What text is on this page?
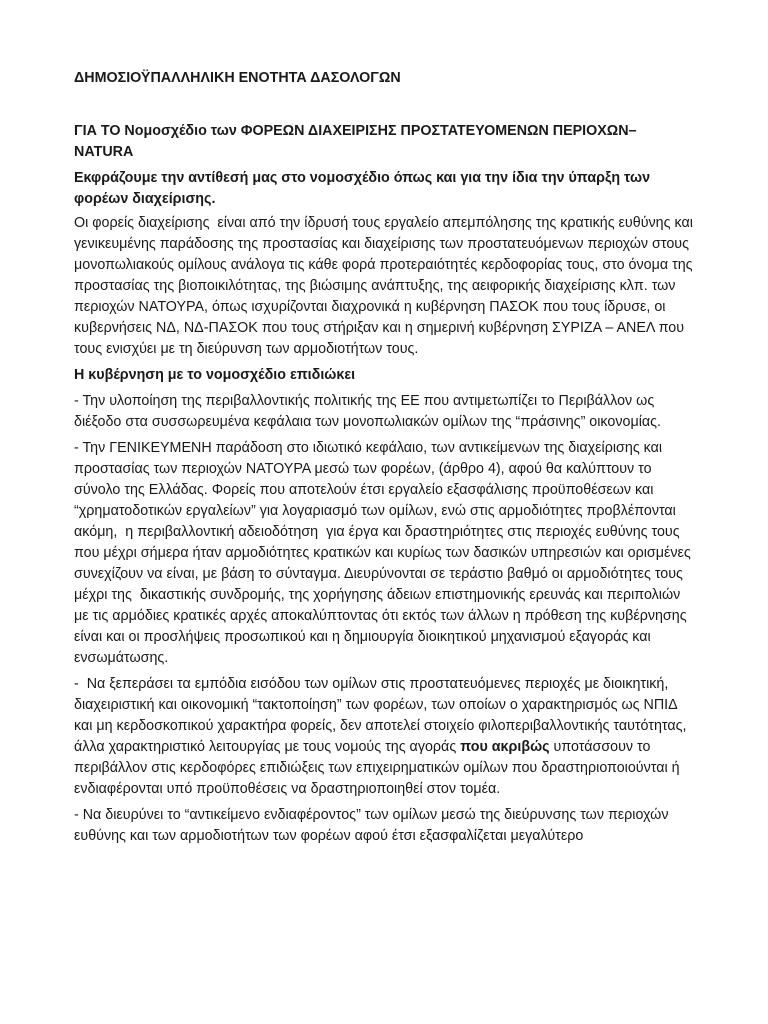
ΔΗΜΟΣΙΟΫΠΑΛΛΗΛΙΚΗ ΕΝΟΤΗΤΑ ΔΑΣΟΛΟΓΩΝ

ΓΙΑ ΤΟ Νομοσχέδιο των ΦΟΡΕΩΝ ΔΙΑΧΕΙΡΙΣΗΣ ΠΡΟΣΤΑΤΕΥΟΜΕΝΩΝ ΠΕΡΙΟΧΩΝ– NATURA

Εκφράζουμε την αντίθεσή μας στο νομοσχέδιο όπως και για την ίδια την ύπαρξη των φορέων διαχείρισης.

Οι φορείς διαχείρισης  είναι από την ίδρυσή τους εργαλείο απεμπόλησης της κρατικής ευθύνης και γενικευμένης παράδοσης της προστασίας και διαχείρισης των προστατευόμενων περιοχών στους μονοπωλιακούς ομίλους ανάλογα τις κάθε φορά προτεραιότητές κερδοφορίας τους, στο όνομα της προστασίας της βιοποικιλότητας, της βιώσιμης ανάπτυξης, της αειφορικής διαχείρισης κλπ. των περιοχών ΝΑΤΟΥΡΑ, όπως ισχυρίζονται διαχρονικά η κυβέρνηση ΠΑΣΟΚ που τους ίδρυσε, οι κυβερνήσεις ΝΔ, ΝΔ-ΠΑΣΟΚ που τους στήριξαν και η σημερινή κυβέρνηση ΣΥΡΙΖΑ – ΑΝΕΛ που τους ενισχύει με τη διεύρυνση των αρμοδιοτήτων τους.

Η κυβέρνηση με το νομοσχέδιο επιδιώκει

- Την υλοποίηση της περιβαλλοντικής πολιτικής της ΕΕ που αντιμετωπίζει το Περιβάλλον ως διέξοδο στα συσσωρευμένα κεφάλαια των μονοπωλιακών ομίλων της “πράσινης” οικονομίας.

- Την ΓΕΝΙΚΕΥΜΕΝΗ παράδοση στο ιδιωτικό κεφάλαιο, των αντικείμενων της διαχείρισης και προστασίας των περιοχών ΝΑΤΟΥΡΑ μεσώ των φορέων, (άρθρο 4), αφού θα καλύπτουν το σύνολο της Ελλάδας. Φορείς που αποτελούν έτσι εργαλείο εξασφάλισης προϋποθέσεων και “χρηματοδοτικών εργαλείων” για λογαριασμό των ομίλων, ενώ στις αρμοδιότητες προβλέπονται ακόμη,  η περιβαλλοντική αδειοδότηση  για έργα και δραστηριότητες στις περιοχές ευθύνης τους που μέχρι σήμερα ήταν αρμοδιότητες κρατικών και κυρίως των δασικών υπηρεσιών και ορισμένες συνεχίζουν να είναι, με βάση το σύνταγμα. Διευρύνονται σε τεράστιο βαθμό οι αρμοδιότητες τους μέχρι της  δικαστικής συνδρομής, της χορήγησης άδειων επιστημονικής ερευνάς και περιπολιών με τις αρμόδιες κρατικές αρχές αποκαλύπτοντας ότι εκτός των άλλων η πρόθεση της κυβέρνησης είναι και οι προσλήψεις προσωπικού και η δημιουργία διοικητικού μηχανισμού εξαγοράς και ενσωμάτωσης.

-  Να ξεπεράσει τα εμπόδια εισόδου των ομίλων στις προστατευόμενες περιοχές με διοικητική, διαχειριστική και οικονομική “τακτοποίηση” των φορέων, των οποίων ο χαρακτηρισμός ως ΝΠΙΔ και μη κερδοσκοπικού χαρακτήρα φορείς, δεν αποτελεί στοιχείο φιλοπεριβαλλοντικής ταυτότητας, άλλα χαρακτηριστικό λειτουργίας με τους νομούς της αγοράς που ακριβώς υποτάσσουν το περιβάλλον στις κερδοφόρες επιδιώξεις των επιχειρηματικών ομίλων που δραστηριοποιούνται ή ενδιαφέρονται υπό προϋποθέσεις να δραστηριοποιηθεί στον τομέα.

- Να διευρύνει το “αντικείμενο ενδιαφέροντος” των ομίλων μεσώ της διεύρυνσης των περιοχών ευθύνης και των αρμοδιοτήτων των φορέων αφού έτσι εξασφαλίζεται μεγαλύτερο
